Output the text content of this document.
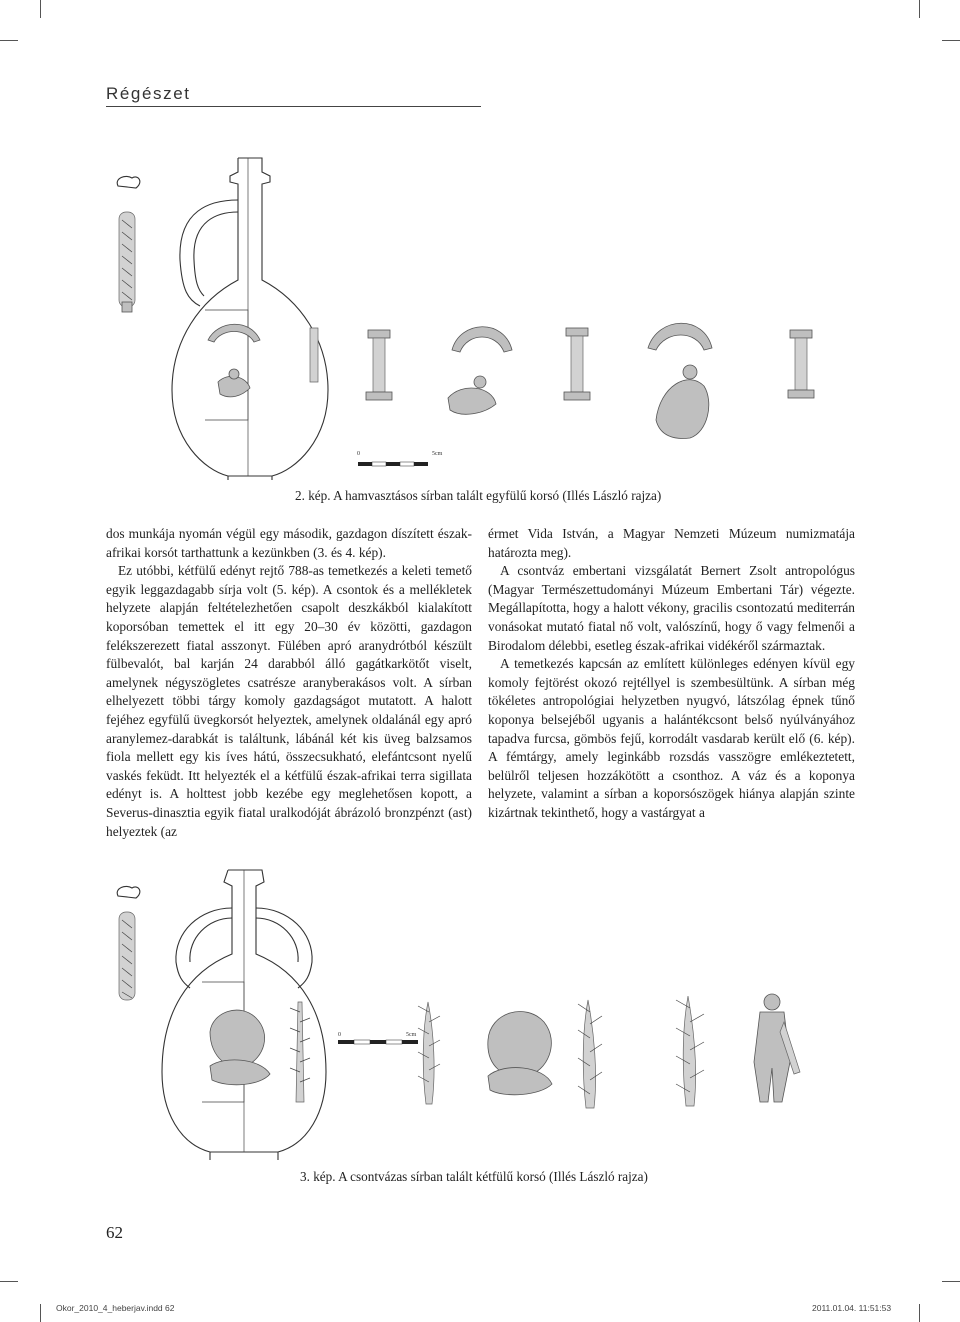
Régészet
0	5cm
2. kép. A hamvasztásos sírban talált egyfülű korsó (Illés László rajza)

dos munkája nyomán végül egy második, gazdagon díszített észak-afrikai korsót tarthattunk a kezünkben (3. és 4. kép).

Ez utóbbi, kétfülű edényt rejtő 788-as temetkezés a keleti temető egyik leggazdagabb sírja volt (5. kép). A csontok és a mellékletek helyzete alapján feltételezhetően csapolt deszkákból kialakított koporsóban temettek el itt egy 20–30 év közötti, gazdagon felékszerezett fiatal asszonyt. Fülében apró aranydrótból készült fülbevalót, bal karján 24 darabból álló gagátkarkötőt viselt, amelynek négyszögletes csatrésze aranyberakásos volt. A sírban elhelyezett többi tárgy komoly gazdagságot mutatott. A halott fejéhez egyfülű üvegkorsót helyeztek, amelynek oldalánál egy apró aranylemez-darabkát is találtunk, lábánál két kis üveg balzsamos fiola mellett egy kis íves hátú, összecsukható, elefántcsont nyelű vaskés feküdt. Itt helyezték el a kétfülű észak-afrikai terra sigillata edényt is. A holttest jobb kezébe egy meglehetősen kopott, a Severus-dinasztia egyik fiatal uralkodóját ábrázoló bronzpénzt (ast) helyeztek (az

érmet Vida István, a Magyar Nemzeti Múzeum numizmatája határozta meg).

A csontváz embertani vizsgálatát Bernert Zsolt antropológus (Magyar Természettudományi Múzeum Embertani Tár) végezte. Megállapította, hogy a halott vékony, gracilis csontozatú mediterrán vonásokat mutató fiatal nő volt, valószínű, hogy ő vagy felmenői a Birodalom délebbi, esetleg észak-afrikai vidékéről származtak.

A temetkezés kapcsán az említett különleges edényen kívül egy komoly fejtörést okozó rejtéllyel is szembesültünk. A sírban még tökéletes antropológiai helyzetben nyugvó, látszólag épnek tűnő koponya belsejéből ugyanis a halántékcsont belső nyúlványához tapadva furcsa, gömbös fejű, korrodált vasdarab került elő (6. kép). A fémtárgy, amely leginkább rozsdás vasszögre emlékeztetett, belülről teljesen hozzákötött a csonthoz. A váz és a koponya helyzete, valamint a sírban a koporsószögek hiánya alapján szinte kizártnak tekinthető, hogy a vastárgyat a

0	5cm
3. kép. A csontvázas sírban talált kétfülű korsó (Illés László rajza)
62
Okor_2010_4_heberjav.indd 62	2011.01.04. 11:51:53
